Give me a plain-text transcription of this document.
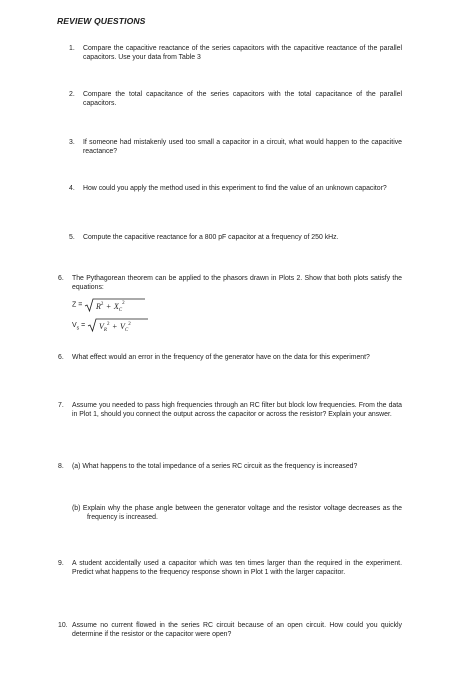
REVIEW QUESTIONS
1. Compare the capacitive reactance of the series capacitors with the capacitive reactance of the parallel capacitors. Use your data from Table 3
2. Compare the total capacitance of the series capacitors with the total capacitance of the parallel capacitors.
3. If someone had mistakenly used too small a capacitor in a circuit, what would happen to the capacitive reactance?
4. How could you apply the method used in this experiment to find the value of an unknown capacitor?
5. Compute the capacitive reactance for a 800 pF capacitor at a frequency of 250 kHz.
6. The Pythagorean theorem can be applied to the phasors drawn in Plots 2. Show that both plots satisfy the equations:
$Z = R^2 + X_C^2$
$V_s = V_R^2 + V_C^2$
6. What effect would an error in the frequency of the generator have on the data for this experiment?
7. Assume you needed to pass high frequencies through an RC filter but block low frequencies. From the data in Plot 1, should you connect the output across the capacitor or across the resistor? Explain your answer.
8. (a) What happens to the total impedance of a series RC circuit as the frequency is increased?
(b) Explain why the phase angle between the generator voltage and the resistor voltage decreases as the frequency is increased.
9. A student accidentally used a capacitor which was ten times larger than the required in the experiment. Predict what happens to the frequency response shown in Plot 1 with the larger capacitor.
10. Assume no current flowed in the series RC circuit because of an open circuit. How could you quickly determine if the resistor or the capacitor were open?
